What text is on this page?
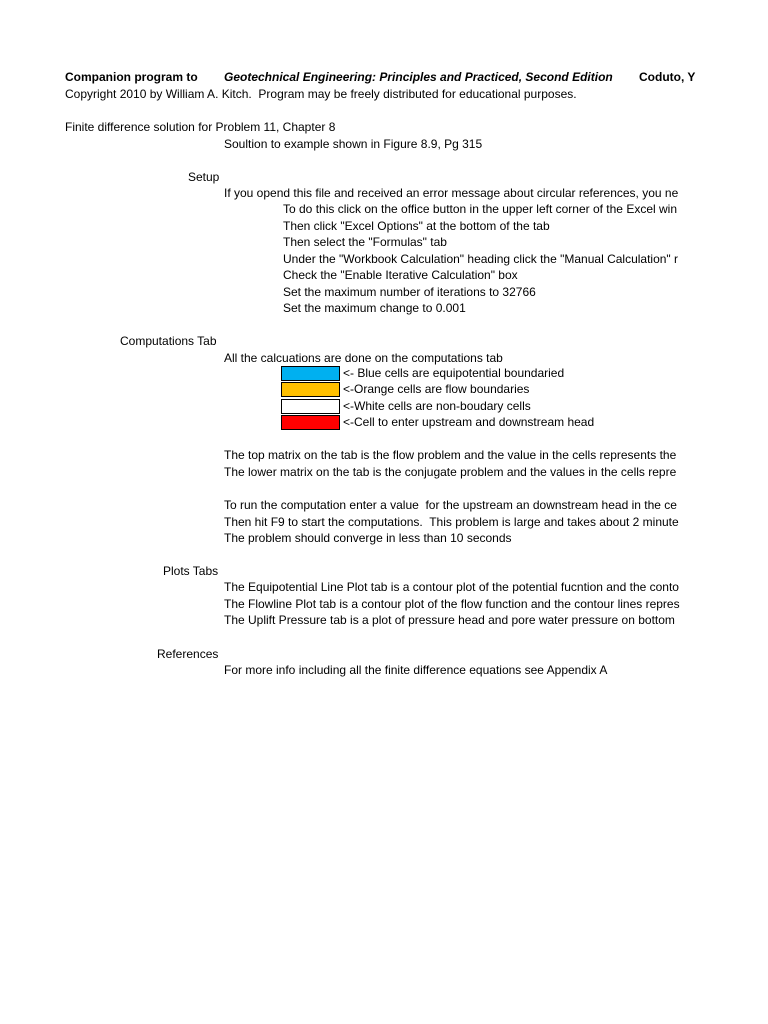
Companion program to Geotechnical Engineering: Principles and Practiced, Second Edition Coduto, Y
Copyright 2010 by William A. Kitch.  Program may be freely distributed for educational purposes.
Finite difference solution for Problem 11, Chapter 8
Soultion to example shown in Figure 8.9, Pg 315
Setup
If you opend this file and received an error message about circular references, you ne
To do this click on the office button in the upper left corner of the Excel win
Then click "Excel Options" at the bottom of the tab
Then select the "Formulas" tab
Under the "Workbook Calculation" heading click the "Manual Calculation" r
Check the "Enable Iterative Calculation" box
Set the maximum number of iterations to 32766
Set the maximum change to 0.001
Computations Tab
All the calcuations are done on the computations tab
<- Blue cells are equipotential boundaried
<-Orange cells are flow boundaries
<-White cells are non-boudary cells
<-Cell to enter upstream and downstream head
The top matrix on the tab is the flow problem and the value in the cells represents the
The lower matrix on the tab is the conjugate problem and the values in the cells repre
To run the computation enter a value  for the upstream an downstream head in the ce
Then hit F9 to start the computations.  This problem is large and takes about 2 minute
The problem should converge in less than 10 seconds
Plots Tabs
The Equipotential Line Plot tab is a contour plot of the potential fucntion and the conto
The Flowline Plot tab is a contour plot of the flow function and the contour lines repres
The Uplift Pressure tab is a plot of pressure head and pore water pressure on bottom
References
For more info including all the finite difference equations see Appendix A
